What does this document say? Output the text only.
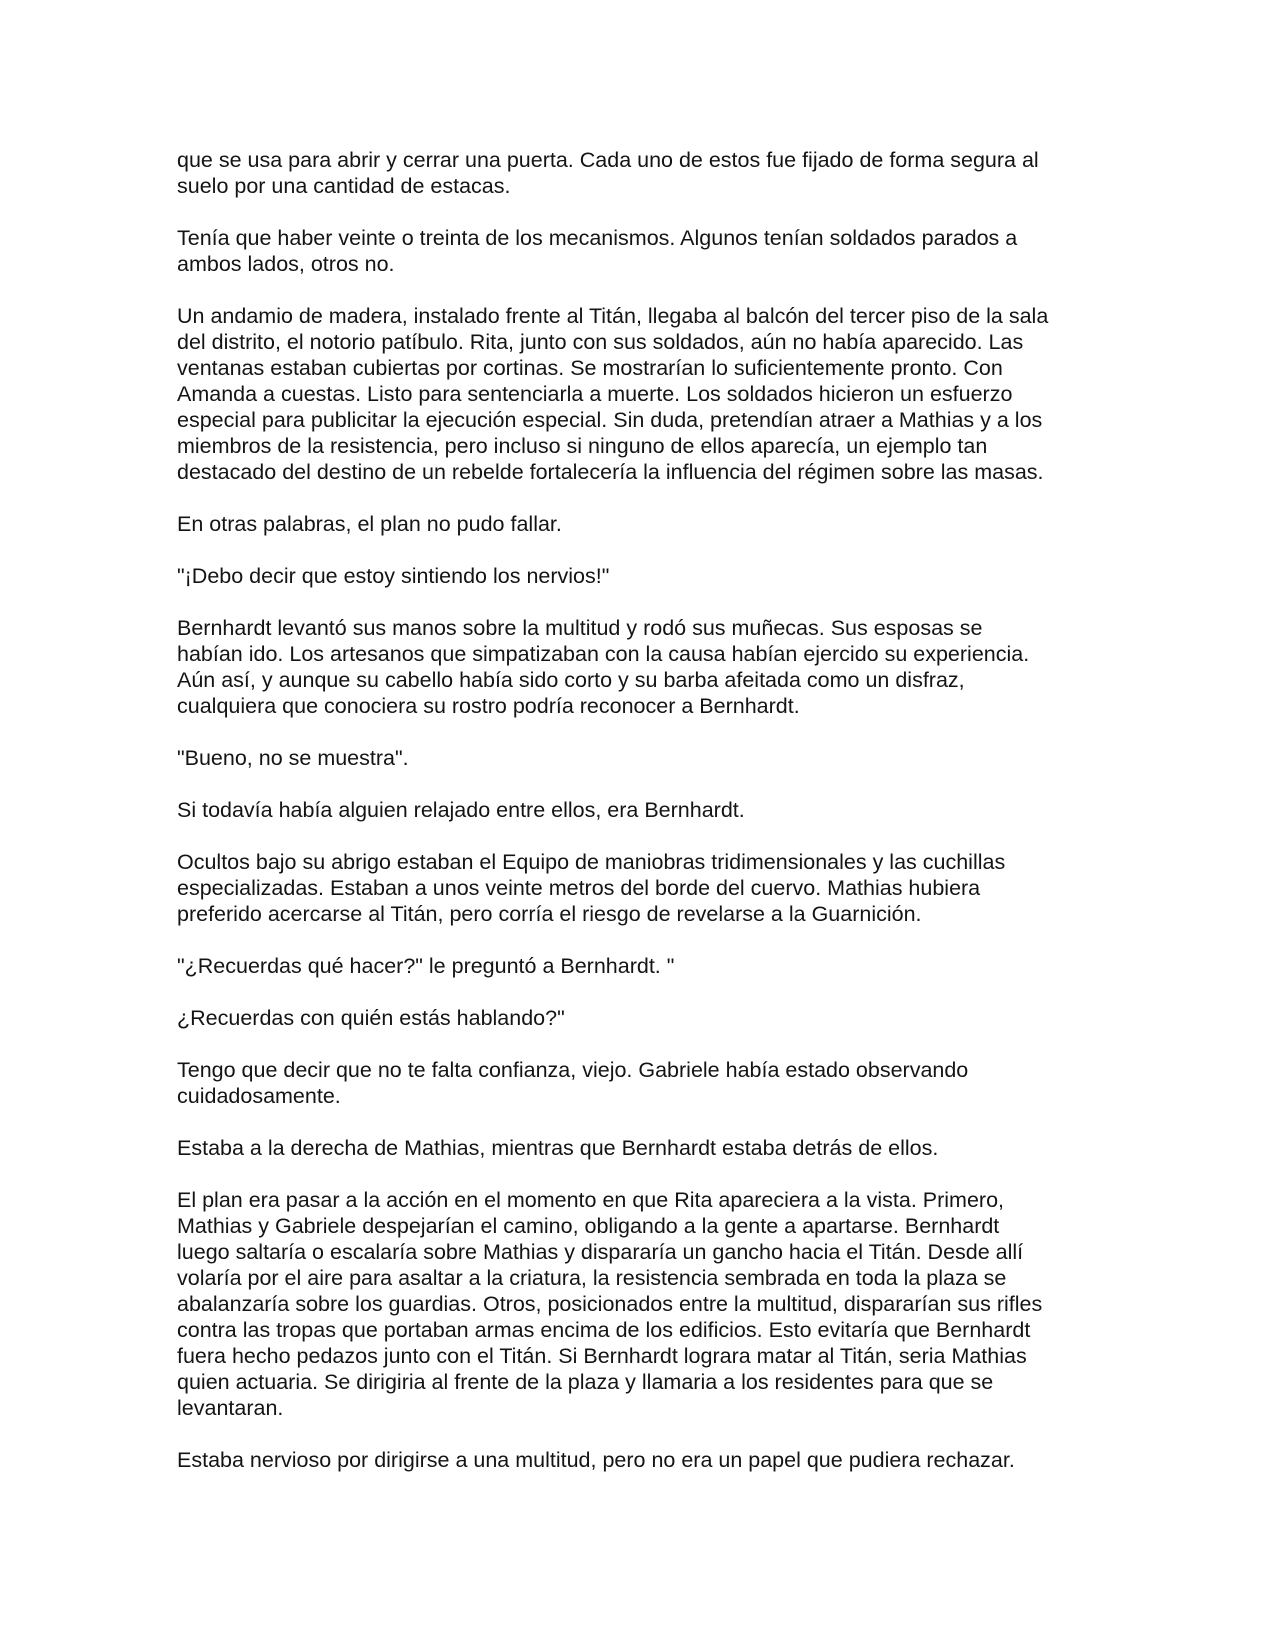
que se usa para abrir y cerrar una puerta. Cada uno de estos fue fijado de forma segura al
suelo por una cantidad de estacas.

Tenía que haber veinte o treinta de los mecanismos. Algunos tenían soldados parados a
ambos lados, otros no.

Un andamio de madera, instalado frente al Titán, llegaba al balcón del tercer piso de la sala
del distrito, el notorio patíbulo. Rita, junto con sus soldados, aún no había aparecido. Las
ventanas estaban cubiertas por cortinas. Se mostrarían lo suficientemente pronto. Con
Amanda a cuestas. Listo para sentenciarla a muerte. Los soldados hicieron un esfuerzo
especial para publicitar la ejecución especial. Sin duda, pretendían atraer a Mathias y a los
miembros de la resistencia, pero incluso si ninguno de ellos aparecía, un ejemplo tan
destacado del destino de un rebelde fortalecería la influencia del régimen sobre las masas.

En otras palabras, el plan no pudo fallar.

"¡Debo decir que estoy sintiendo los nervios!"

Bernhardt levantó sus manos sobre la multitud y rodó sus muñecas. Sus esposas se
habían ido. Los artesanos que simpatizaban con la causa habían ejercido su experiencia.
Aún así, y aunque su cabello había sido corto y su barba afeitada como un disfraz,
cualquiera que conociera su rostro podría reconocer a Bernhardt.

"Bueno, no se muestra".

Si todavía había alguien relajado entre ellos, era Bernhardt.

Ocultos bajo su abrigo estaban el Equipo de maniobras tridimensionales y las cuchillas
especializadas. Estaban a unos veinte metros del borde del cuervo. Mathias hubiera
preferido acercarse al Titán, pero corría el riesgo de revelarse a la Guarnición.

"¿Recuerdas qué hacer?" le preguntó a Bernhardt. "

¿Recuerdas con quién estás hablando?"

Tengo que decir que no te falta confianza, viejo. Gabriele había estado observando
cuidadosamente.

Estaba a la derecha de Mathias, mientras que Bernhardt estaba detrás de ellos.

El plan era pasar a la acción en el momento en que Rita apareciera a la vista. Primero,
Mathias y Gabriele despejarían el camino, obligando a la gente a apartarse. Bernhardt
luego saltaría o escalaría sobre Mathias y dispararía un gancho hacia el Titán. Desde allí
volaría por el aire para asaltar a la criatura, la resistencia sembrada en toda la plaza se
abalanzaría sobre los guardias. Otros, posicionados entre la multitud, dispararían sus rifles
contra las tropas que portaban armas encima de los edificios. Esto evitaría que Bernhardt
fuera hecho pedazos junto con el Titán. Si Bernhardt lograra matar al Titán, seria Mathias
quien actuaria. Se dirigiria al frente de la plaza y llamaria a los residentes para que se
levantaran.

Estaba nervioso por dirigirse a una multitud, pero no era un papel que pudiera rechazar.
